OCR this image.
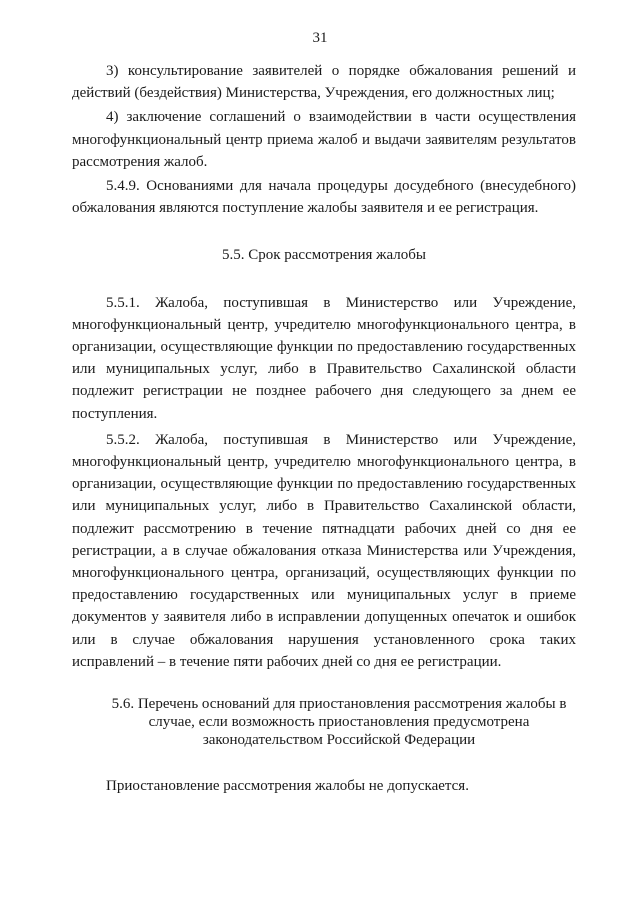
31

3) консультирование заявителей о порядке обжалования решений и действий (бездействия) Министерства, Учреждения, его должностных лиц;

4) заключение соглашений о взаимодействии в части осуществления многофункциональный центр приема жалоб и выдачи заявителям результатов рассмотрения жалоб.

5.4.9. Основаниями для начала процедуры досудебного (внесудебного) обжалования являются поступление жалобы заявителя и ее регистрация.

5.5. Срок рассмотрения жалобы

5.5.1. Жалоба, поступившая в Министерство или Учреждение, многофункциональный центр, учредителю многофункционального центра, в организации, осуществляющие функции по предоставлению государственных или муниципальных услуг, либо в Правительство Сахалинской области подлежит регистрации не позднее рабочего дня следующего за днем ее поступления.

5.5.2. Жалоба, поступившая в Министерство или Учреждение, многофункциональный центр, учредителю многофункционального центра, в организации, осуществляющие функции по предоставлению государственных или муниципальных услуг, либо в Правительство Сахалинской области, подлежит рассмотрению в течение пятнадцати рабочих дней со дня ее регистрации, а в случае обжалования отказа Министерства или Учреждения, многофункционального центра, организаций, осуществляющих функции по предоставлению государственных или муниципальных услуг в приеме документов у заявителя либо в исправлении допущенных опечаток и ошибок или в случае обжалования нарушения установленного срока таких исправлений – в течение пяти рабочих дней со дня ее регистрации.

5.6. Перечень оснований для приостановления рассмотрения жалобы в
случае, если возможность приостановления предусмотрена
законодательством Российской Федерации

Приостановление рассмотрения жалобы не допускается.
